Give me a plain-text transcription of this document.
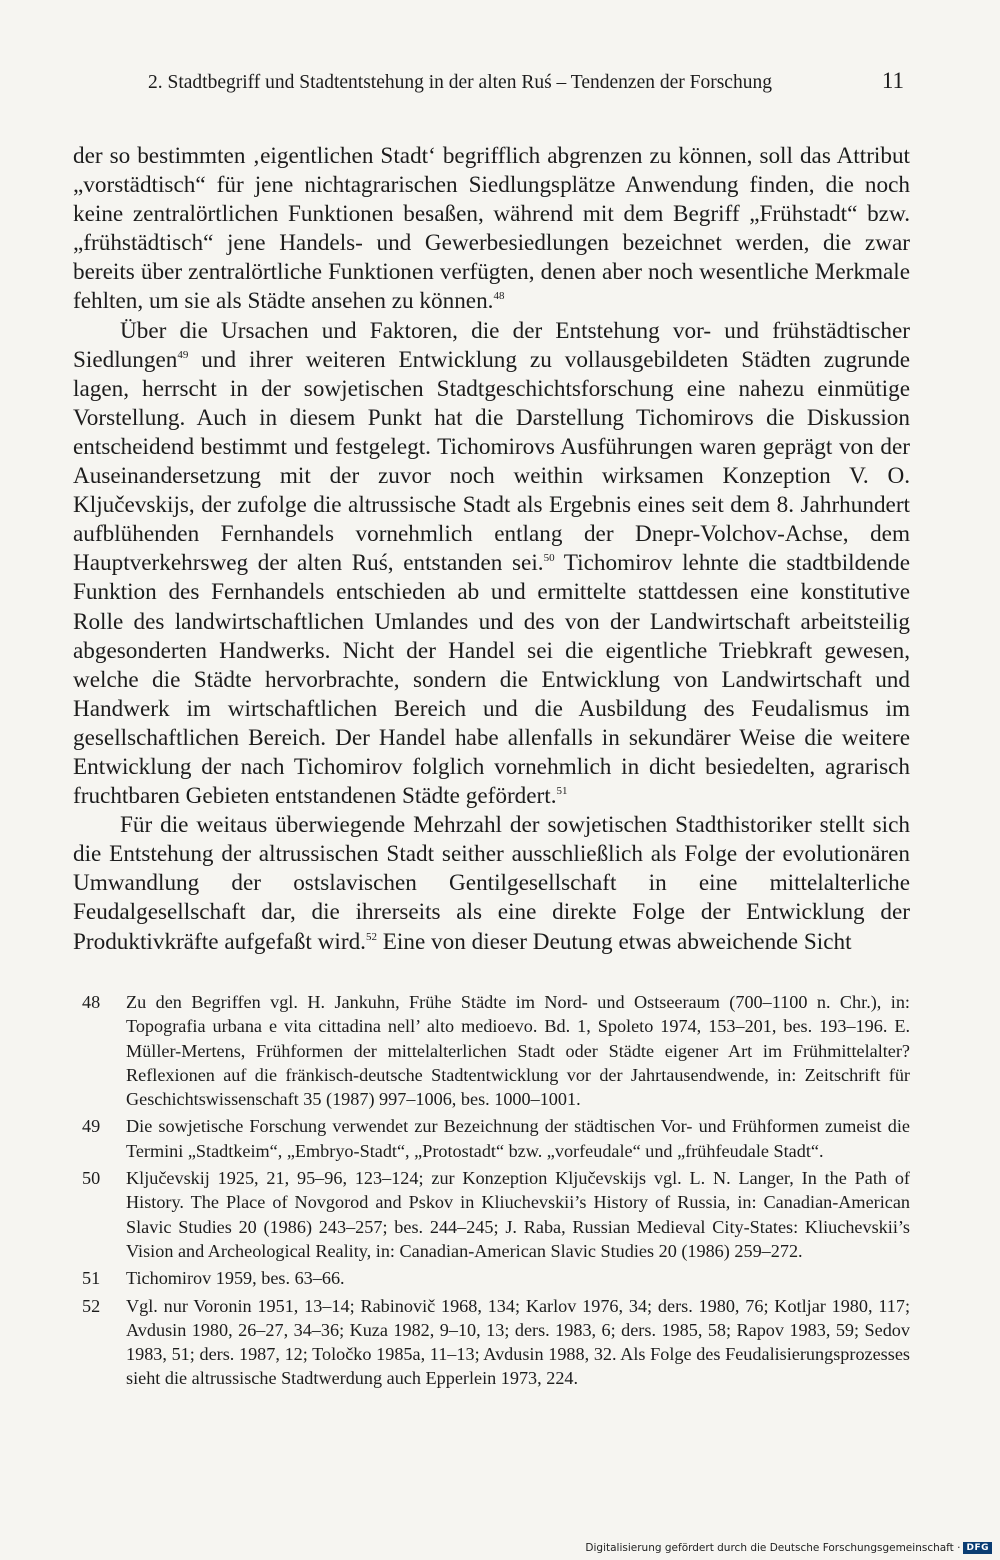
2. Stadtbegriff und Stadtentstehung in der alten Ruś – Tendenzen der Forschung	11

der so bestimmten ‚eigentlichen Stadt‘ begrifflich abgrenzen zu können, soll das Attribut „vorstädtisch“ für jene nichtagrarischen Siedlungsplätze Anwendung finden, die noch keine zentralörtlichen Funktionen besaßen, während mit dem Begriff „Frühstadt“ bzw. „frühstädtisch“ jene Handels- und Gewerbesiedlungen bezeichnet werden, die zwar bereits über zentralörtliche Funktionen verfügten, denen aber noch wesentliche Merkmale fehlten, um sie als Städte ansehen zu können.$^{48}$

Über die Ursachen und Faktoren, die der Entstehung vor- und frühstädtischer Siedlungen$^{49}$ und ihrer weiteren Entwicklung zu vollausgebildeten Städten zugrunde lagen, herrscht in der sowjetischen Stadtgeschichtsforschung eine nahezu einmütige Vorstellung. Auch in diesem Punkt hat die Darstellung Tichomirovs die Diskussion entscheidend bestimmt und festgelegt. Tichomirovs Ausführungen waren geprägt von der Auseinandersetzung mit der zuvor noch weithin wirksamen Konzeption V. O. Ključevskijs, der zufolge die altrussische Stadt als Ergebnis eines seit dem 8. Jahrhundert aufblühenden Fernhandels vornehmlich entlang der Dnepr-Volchov-Achse, dem Hauptverkehrsweg der alten Ruś, entstanden sei.$^{50}$ Tichomirov lehnte die stadtbildende Funktion des Fernhandels entschieden ab und ermittelte stattdessen eine konstitutive Rolle des landwirtschaftlichen Umlandes und des von der Landwirtschaft arbeitsteilig abgesonderten Handwerks. Nicht der Handel sei die eigentliche Triebkraft gewesen, welche die Städte hervorbrachte, sondern die Entwicklung von Landwirtschaft und Handwerk im wirtschaftlichen Bereich und die Ausbildung des Feudalismus im gesellschaftlichen Bereich. Der Handel habe allenfalls in sekundärer Weise die weitere Entwicklung der nach Tichomirov folglich vornehmlich in dicht besiedelten, agrarisch fruchtbaren Gebieten entstandenen Städte gefördert.$^{51}$

Für die weitaus überwiegende Mehrzahl der sowjetischen Stadthistoriker stellt sich die Entstehung der altrussischen Stadt seither ausschließlich als Folge der evolutionären Umwandlung der ostslavischen Gentilgesellschaft in eine mittelalterliche Feudalgesellschaft dar, die ihrerseits als eine direkte Folge der Entwicklung der Produktivkräfte aufgefaßt wird.$^{52}$ Eine von dieser Deutung etwas abweichende Sicht

48	Zu den Begriffen vgl. H. Jankuhn, Frühe Städte im Nord- und Ostseeraum (700–1100 n. Chr.), in: Topografia urbana e vita cittadina nell’ alto medioevo. Bd. 1, Spoleto 1974, 153–201, bes. 193–196. E. Müller-Mertens, Frühformen der mittelalterlichen Stadt oder Städte eigener Art im Frühmittelalter? Reflexionen auf die fränkisch-deutsche Stadtentwicklung vor der Jahrtausendwende, in: Zeitschrift für Geschichtswissenschaft 35 (1987) 997–1006, bes. 1000–1001.
49	Die sowjetische Forschung verwendet zur Bezeichnung der städtischen Vor- und Frühformen zumeist die Termini „Stadtkeim“, „Embryo-Stadt“, „Protostadt“ bzw. „vorfeudale“ und „frühfeudale Stadt“.
50	Ključevskij 1925, 21, 95–96, 123–124; zur Konzeption Ključevskijs vgl. L. N. Langer, In the Path of History. The Place of Novgorod and Pskov in Kliuchevskii’s History of Russia, in: Canadian-American Slavic Studies 20 (1986) 243–257; bes. 244–245; J. Raba, Russian Medieval City-States: Kliuchevskii’s Vision and Archeological Reality, in: Canadian-American Slavic Studies 20 (1986) 259–272.
51	Tichomirov 1959, bes. 63–66.
52	Vgl. nur Voronin 1951, 13–14; Rabinovič 1968, 134; Karlov 1976, 34; ders. 1980, 76; Kotljar 1980, 117; Avdusin 1980, 26–27, 34–36; Kuza 1982, 9–10, 13; ders. 1983, 6; ders. 1985, 58; Rapov 1983, 59; Sedov 1983, 51; ders. 1987, 12; Toločko 1985a, 11–13; Avdusin 1988, 32. Als Folge des Feudalisierungsprozesses sieht die altrussische Stadtwerdung auch Epperlein 1973, 224.
Digitalisierung gefördert durch die Deutsche Forschungsgemeinschaft · DFG
